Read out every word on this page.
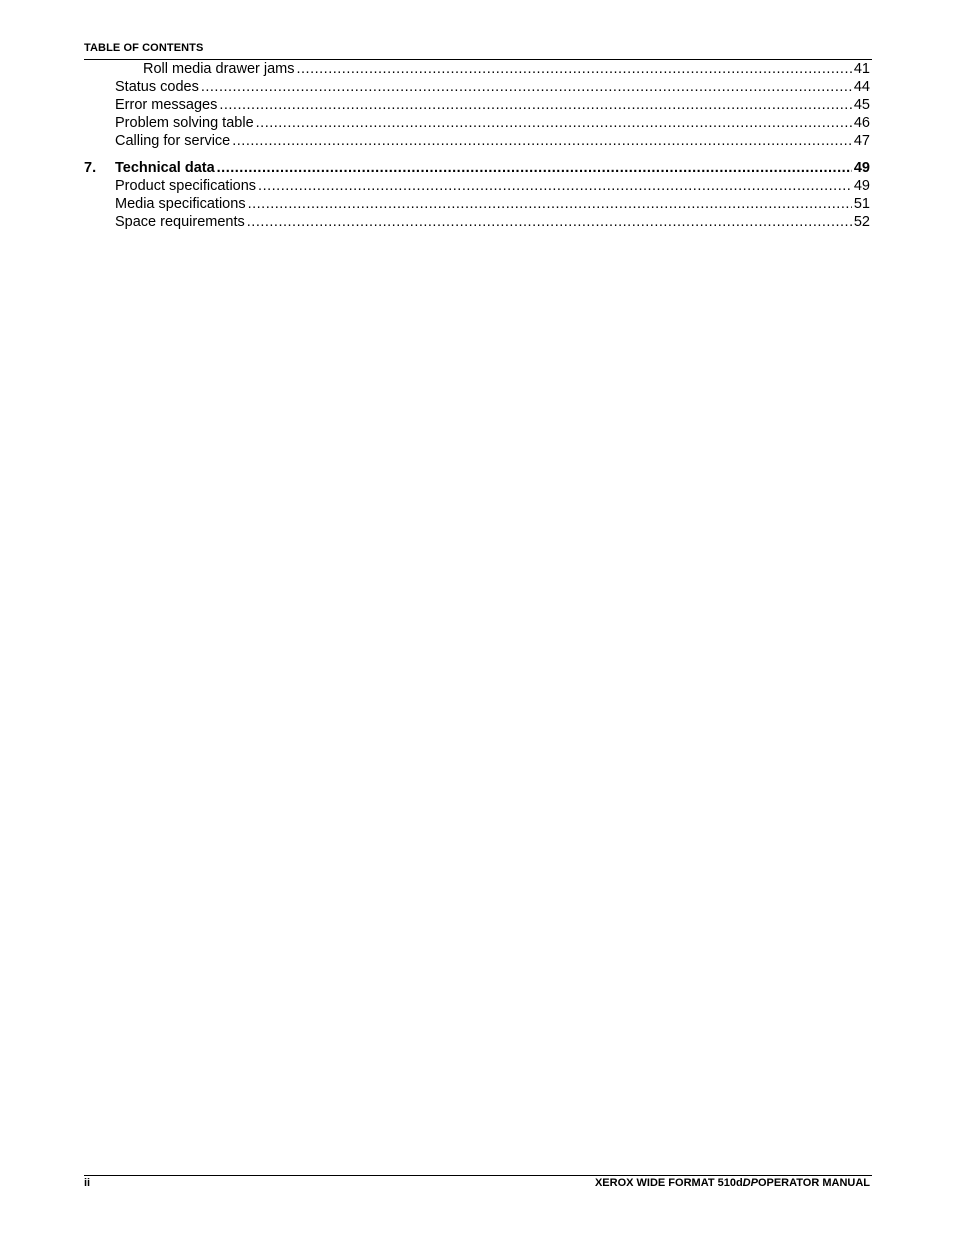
TABLE OF CONTENTS
Roll media drawer jams .....	41
Status codes .....	44
Error messages .....	45
Problem solving table .....	46
Calling for service .....	47
7.	Technical data .....	49
Product specifications .....	49
Media specifications .....	51
Space requirements .....	52
ii	XEROX WIDE FORMAT 510dDPOPERATOR MANUAL
